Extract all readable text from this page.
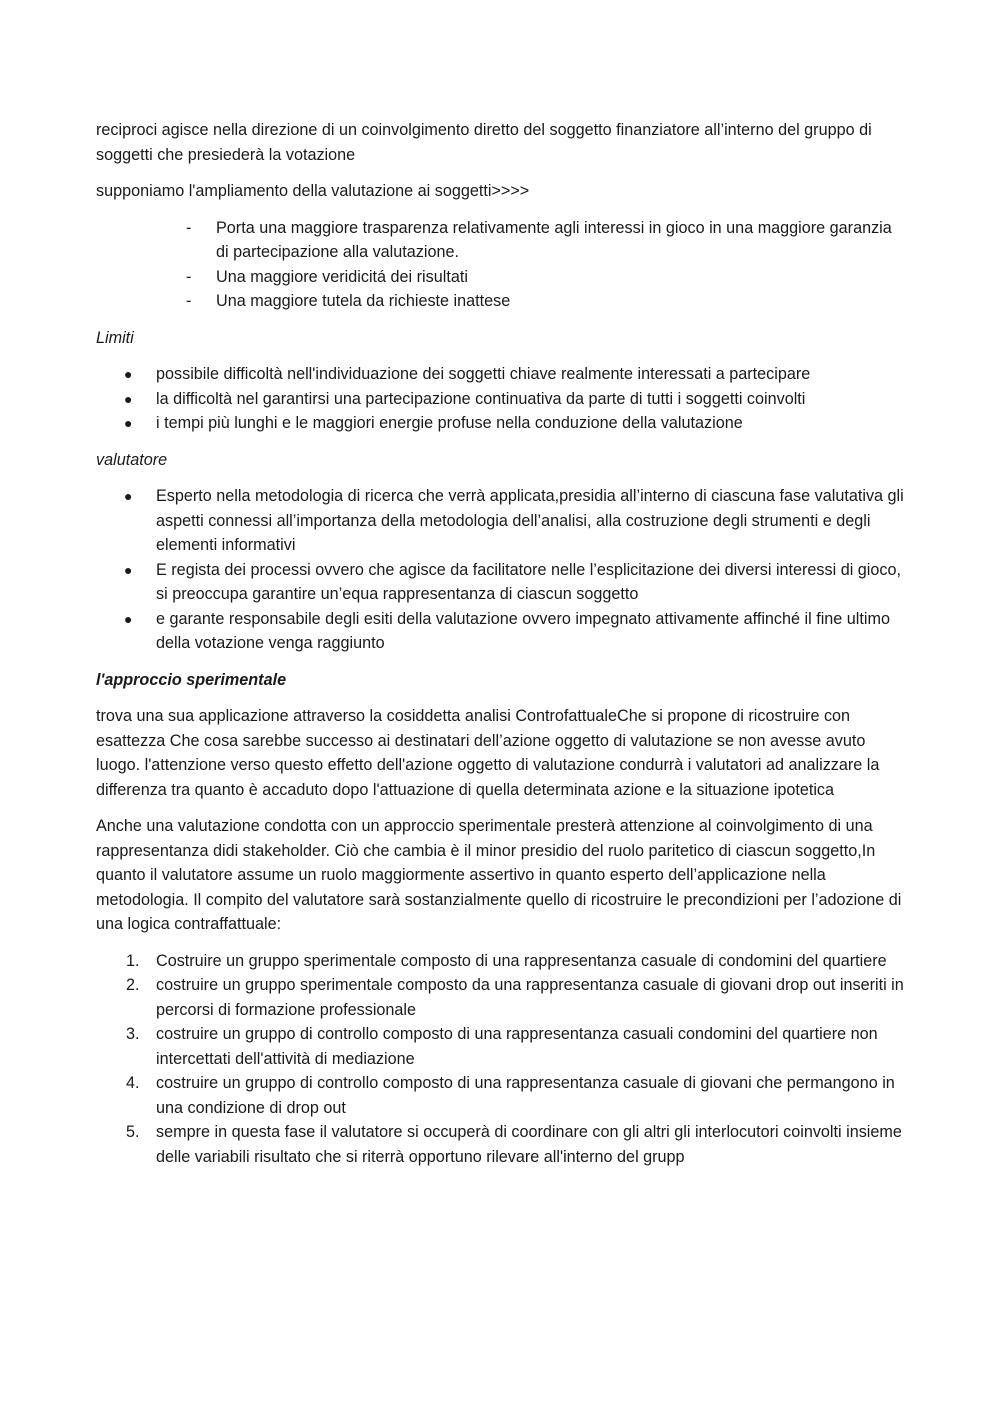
reciproci agisce nella direzione di un coinvolgimento diretto del soggetto finanziatore all’interno del gruppo di soggetti che presiederà la votazione

supponiamo l'ampliamento della valutazione ai soggetti>>>>

- Porta una maggiore trasparenza relativamente agli interessi in gioco in una maggiore garanzia di partecipazione alla valutazione.
- Una maggiore veridicitá dei risultati
- Una maggiore tutela da richieste inattese

Limiti

● possibile difficoltà nell'individuazione dei soggetti chiave realmente interessati a partecipare
● la difficoltà nel garantirsi una partecipazione continuativa da parte di tutti i soggetti coinvolti
● i tempi più lunghi e le maggiori energie profuse nella conduzione della valutazione

valutatore

● Esperto nella metodologia di ricerca che verrà applicata,presidia all’interno di ciascuna fase valutativa gli aspetti connessi all’importanza della metodologia dell’analisi, alla costruzione degli strumenti e degli elementi informativi
● E regista dei processi ovvero che agisce da facilitatore nelle l’esplicitazione dei diversi interessi di gioco, si preoccupa garantire un’equa rappresentanza di ciascun soggetto
● e garante responsabile degli esiti della valutazione ovvero impegnato attivamente affinché il fine ultimo della votazione venga raggiunto

l'approccio sperimentale

trova una sua applicazione attraverso la cosiddetta analisi ControfattualeChe si propone di ricostruire con esattezza Che cosa sarebbe successo ai destinatari dell’azione oggetto di valutazione se non avesse avuto luogo. l'attenzione verso questo effetto dell'azione oggetto di valutazione condurrà i valutatori ad analizzare la differenza tra quanto è accaduto dopo l'attuazione di quella determinata azione e la situazione ipotetica

Anche una valutazione condotta con un approccio sperimentale presterà attenzione al coinvolgimento di una rappresentanza didi stakeholder. Ciò che cambia è il minor presidio del ruolo paritetico di ciascun soggetto,In quanto il valutatore assume un ruolo maggiormente assertivo in quanto esperto dell’applicazione nella metodologia. Il compito del valutatore sarà sostanzialmente quello di ricostruire le precondizioni per l’adozione di una logica contraffattuale:

1. Costruire un gruppo sperimentale composto di una rappresentanza casuale di condomini del quartiere
2. costruire un gruppo sperimentale composto da una rappresentanza casuale di giovani drop out inseriti in percorsi di formazione professionale
3. costruire un gruppo di controllo composto di una rappresentanza casuali condomini del quartiere non intercettati dell'attività di mediazione
4. costruire un gruppo di controllo composto di una rappresentanza casuale di giovani che permangono in una condizione di drop out
5. sempre in questa fase il valutatore si occuperà di coordinare con gli altri gli interlocutori coinvolti insieme delle variabili risultato che si riterrà opportuno rilevare all'interno del grupp
